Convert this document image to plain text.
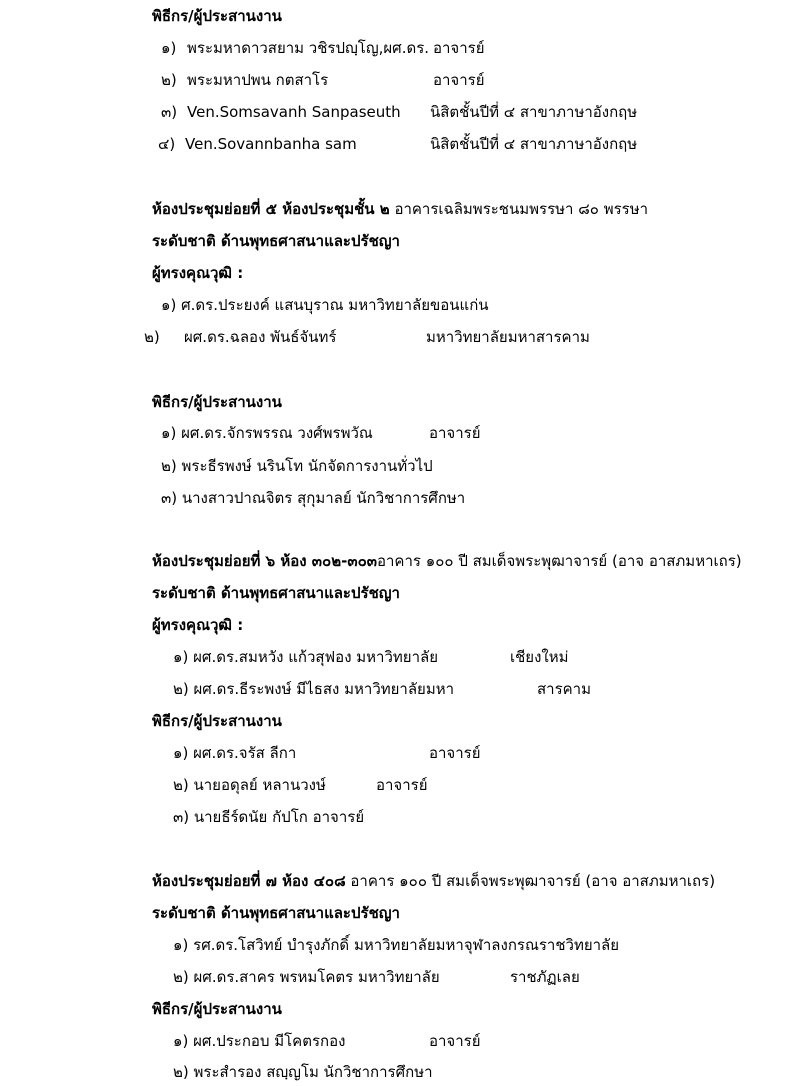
พิธีกร/ผู้ประสานงาน
๑) พระมหาดาวสยาม วชิรปญฺโญ,ผศ.ดร. อาจารย์
๒) พระมหาปพน กตสาโร	อาจารย์
๓) Ven.Somsavanh Sanpaseuth นิสิตชั้นปีที่ ๔ สาขาภาษาอังกฤษ
๔) Ven.Sovannbanha sam	นิสิตชั้นปีที่ ๔ สาขาภาษาอังกฤษ
ห้องประชุมย่อยที่ ๕ ห้องประชุมชั้น ๒ อาคารเฉลิมพระชนมพรรษา ๘๐ พรรษา
ระดับชาติ ด้านพุทธศาสนาและปรัชญา
ผู้ทรงคุณวุฒิ :
๑) ศ.ดร.ประยงค์ แสนบุราณ มหาวิทยาลัยขอนแก่น
๒) ผศ.ดร.ฉลอง พันธ์จันทร์	มหาวิทยาลัยมหาสารคาม
พิธีกร/ผู้ประสานงาน
๑) ผศ.ดร.จักรพรรณ วงศ์พรพวัณ	อาจารย์
๒) พระธีรพงษ์ นรินโท นักจัดการงานทั่วไป
๓) นางสาวปาณจิตร สุกุมาลย์ นักวิชาการศึกษา
ห้องประชุมย่อยที่ ๖ ห้อง ๓๐๒-๓๐๓อาคาร ๑๐๐ ปี สมเด็จพระพุฒาจารย์ (อาจ อาสภมหาเถร)
ระดับชาติ ด้านพุทธศาสนาและปรัชญา
ผู้ทรงคุณวุฒิ :
๑) ผศ.ดร.สมหวัง แก้วสุฟอง มหาวิทยาลัย	เชียงใหม่
๒) ผศ.ดร.ธีระพงษ์ มีไธสง มหาวิทยาลัยมหา	สารคาม
พิธีกร/ผู้ประสานงาน
๑) ผศ.ดร.จรัส ลีกา	อาจารย์
๒) นายอดุลย์ หลานวงษ์	อาจารย์
๓) นายธีร์ดนัย กัปโก อาจารย์
ห้องประชุมย่อยที่ ๗ ห้อง ๔๐๘ อาคาร ๑๐๐ ปี สมเด็จพระพุฒาจารย์ (อาจ อาสภมหาเถร)
ระดับชาติ ด้านพุทธศาสนาและปรัชญา
๑) รศ.ดร.โสวิทย์ บำรุงภักดิ์ มหาวิทยาลัยมหาจุฬาลงกรณราชวิทยาลัย
๒) ผศ.ดร.สาคร พรหมโคตร มหาวิทยาลัย	ราชภัฏเลย
พิธีกร/ผู้ประสานงาน
๑) ผศ.ประกอบ มีโคตรกอง	อาจารย์
๒) พระสำรอง สญฺญโม นักวิชาการศึกษา
